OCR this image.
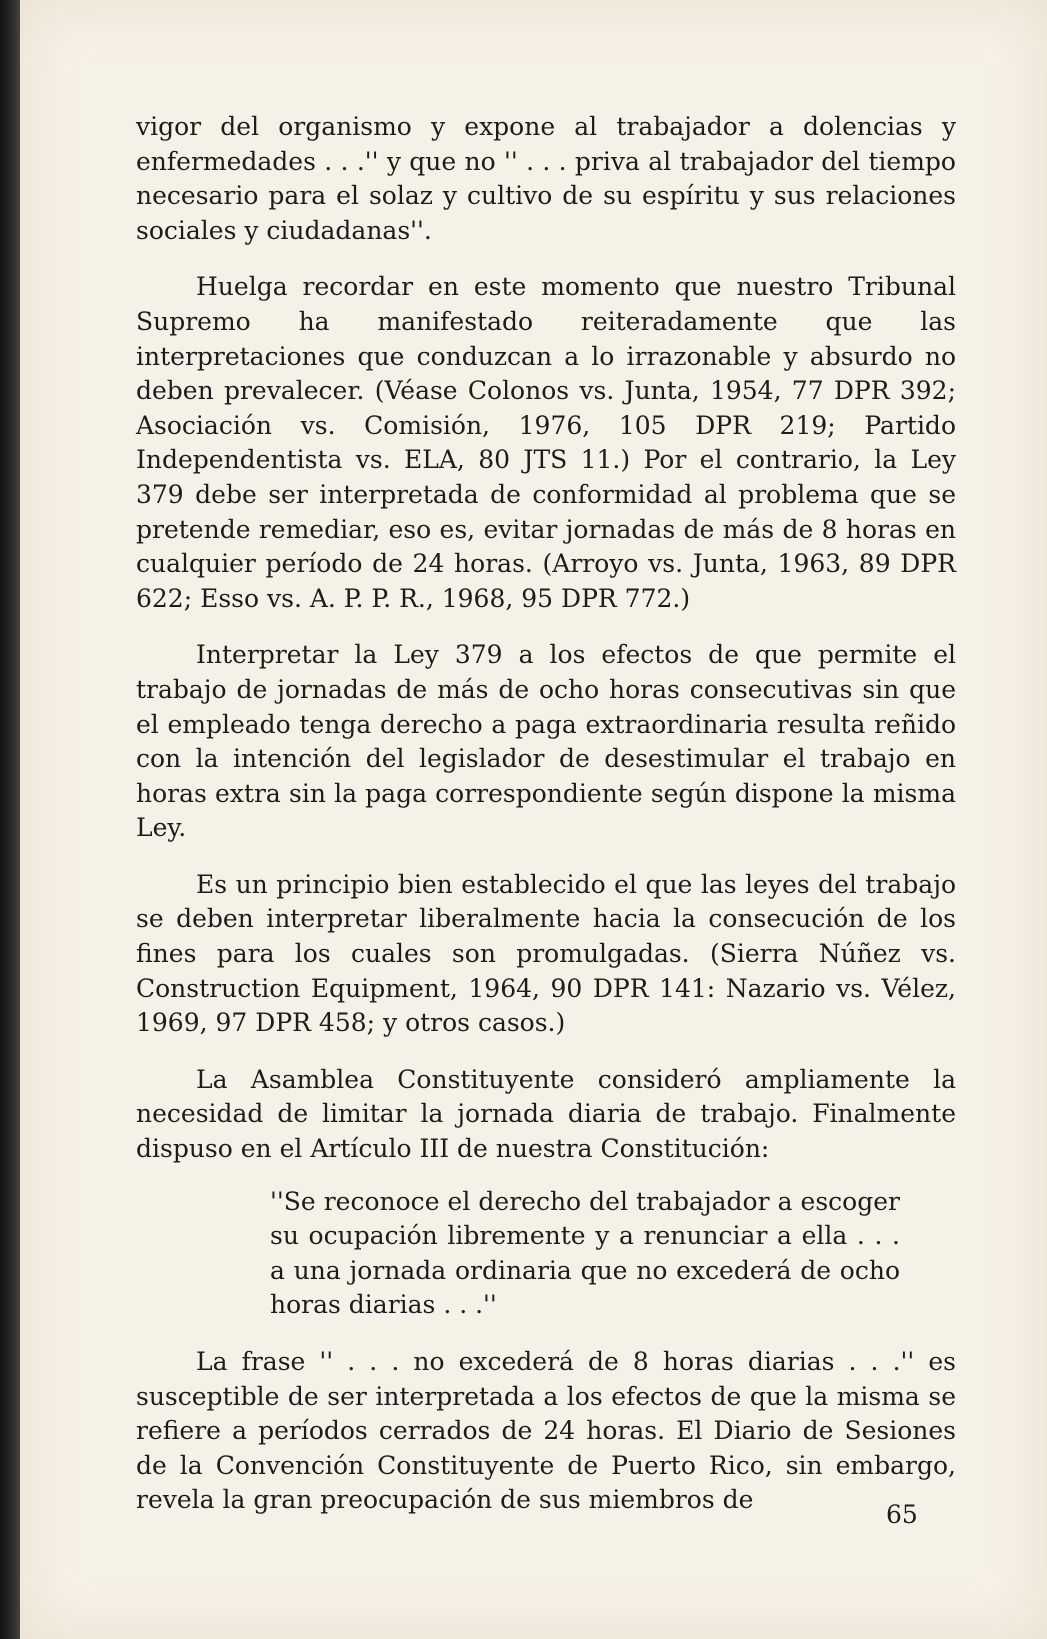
vigor del organismo y expone al trabajador a dolencias y enfermedades . . .'' y que no '' . . . priva al trabajador del tiempo necesario para el solaz y cultivo de su espíritu y sus relaciones sociales y ciudadanas''.

Huelga recordar en este momento que nuestro Tribunal Supremo ha manifestado reiteradamente que las interpretaciones que conduzcan a lo irrazonable y absurdo no deben prevalecer. (Véase Colonos vs. Junta, 1954, 77 DPR 392; Asociación vs. Comisión, 1976, 105 DPR 219; Partido Independentista vs. ELA, 80 JTS 11.) Por el contrario, la Ley 379 debe ser interpretada de conformidad al problema que se pretende remediar, eso es, evitar jornadas de más de 8 horas en cualquier período de 24 horas. (Arroyo vs. Junta, 1963, 89 DPR 622; Esso vs. A. P. P. R., 1968, 95 DPR 772.)

Interpretar la Ley 379 a los efectos de que permite el trabajo de jornadas de más de ocho horas consecutivas sin que el empleado tenga derecho a paga extraordinaria resulta reñido con la intención del legislador de desestimular el trabajo en horas extra sin la paga correspondiente según dispone la misma Ley.

Es un principio bien establecido el que las leyes del trabajo se deben interpretar liberalmente hacia la consecución de los fines para los cuales son promulgadas. (Sierra Núñez vs. Construction Equipment, 1964, 90 DPR 141: Nazario vs. Vélez, 1969, 97 DPR 458; y otros casos.)

La Asamblea Constituyente consideró ampliamente la necesidad de limitar la jornada diaria de trabajo. Finalmente dispuso en el Artículo III de nuestra Constitución:

''Se reconoce el derecho del trabajador a escoger su ocupación libremente y a renunciar a ella . . . a una jornada ordinaria que no excederá de ocho horas diarias . . .''

La frase '' . . . no excederá de 8 horas diarias . . .'' es susceptible de ser interpretada a los efectos de que la misma se refiere a períodos cerrados de 24 horas. El Diario de Sesiones de la Convención Constituyente de Puerto Rico, sin embargo, revela la gran preocupación de sus miembros de

65
